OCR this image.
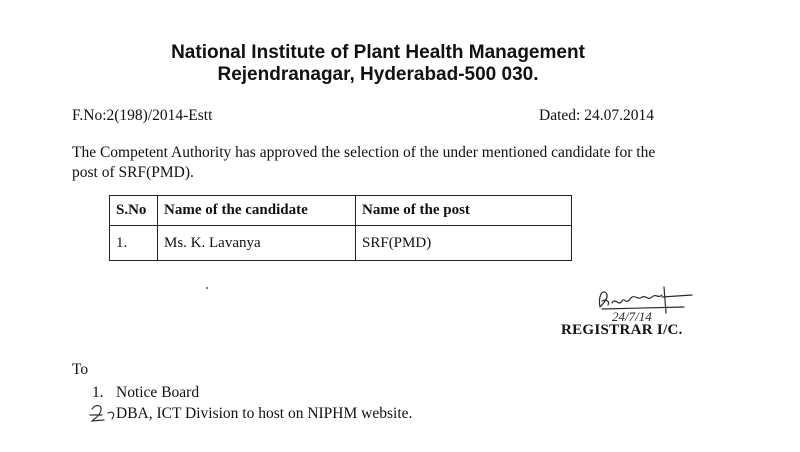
National Institute of Plant Health Management
Rejendranagar, Hyderabad-500 030.
F.No:2(198)/2014-Estt	Dated: 24.07.2014
The Competent Authority has approved the selection of the under mentioned candidate for the
post of SRF(PMD).
S.No	Name of the candidate	Name of the post
1.	Ms. K. Lavanya	SRF(PMD)
24/7/14
REGISTRAR I/C.
To
1. Notice Board
DBA, ICT Division to host on NIPHM website.
